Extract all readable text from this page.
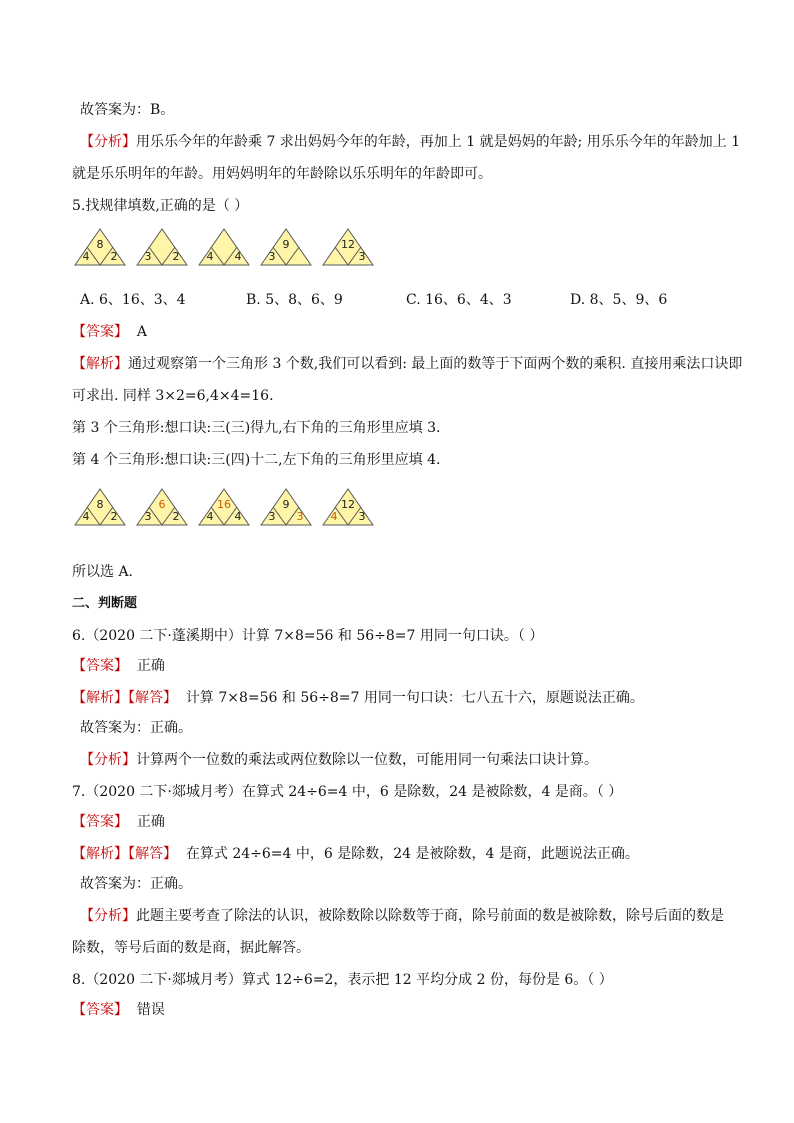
故答案为：B。
【分析】用乐乐今年的年龄乘 7 求出妈妈今年的年龄，再加上 1 就是妈妈的年龄; 用乐乐今年的年龄加上 1
就是乐乐明年的年龄。用妈妈明年的年龄除以乐乐明年的年龄即可。
5.找规律填数,正确的是（ ）
8
4 2 3 2 4 4
9
3
12
3
A. 6、16、3、4	B. 5、8、6、9	C. 16、6、4、3	D. 8、5、9、6
【答案】 A
【解析】通过观察第一个三角形 3 个数,我们可以看到: 最上面的数等于下面两个数的乘积. 直接用乘法口诀即
可求出. 同样 3×2=6,4×4=16.
第 3 个三角形:想口诀:三(三)得九,右下角的三角形里应填 3.
第 4 个三角形:想口诀:三(四)十二,左下角的三角形里应填 4.
8
4 2
6
3 2
16
4 4
9
3 3
12
4 3
所以选 A.
二、判断题
6.（2020 二下·蓬溪期中）计算 7×8=56 和 56÷8=7 用同一句口诀。（ ）
【答案】 正确
【解析】【解答】 计算 7×8=56 和 56÷8=7 用同一句口诀：七八五十六，原题说法正确。
故答案为：正确。
【分析】计算两个一位数的乘法或两位数除以一位数，可能用同一句乘法口诀计算。
7.（2020 二下·郯城月考）在算式 24÷6=4 中，6 是除数，24 是被除数，4 是商。（ ）
【答案】 正确
【解析】【解答】 在算式 24÷6=4 中，6 是除数，24 是被除数，4 是商，此题说法正确。
故答案为：正确。
【分析】此题主要考查了除法的认识，被除数除以除数等于商，除号前面的数是被除数，除号后面的数是
除数，等号后面的数是商，据此解答。
8.（2020 二下·郯城月考）算式 12÷6=2，表示把 12 平均分成 2 份，每份是 6。（ ）
【答案】 错误
